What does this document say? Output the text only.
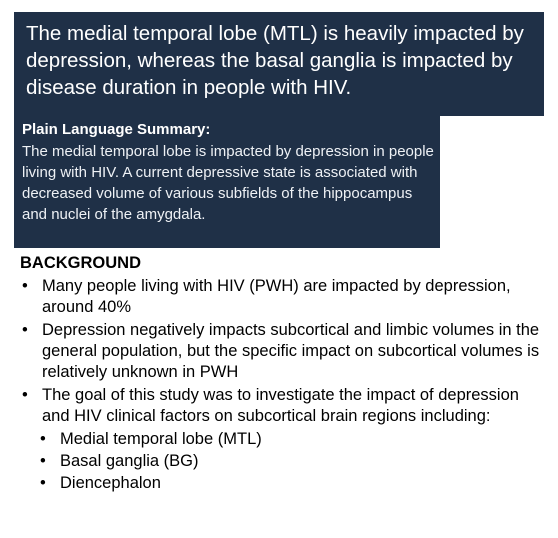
The medial temporal lobe (MTL) is heavily impacted by depression, whereas the basal ganglia is impacted by disease duration in people with HIV.
Plain Language Summary:
The medial temporal lobe is impacted by depression in people living with HIV. A current depressive state is associated with decreased volume of various subfields of the hippocampus and nuclei of the amygdala.
BACKGROUND
• Many people living with HIV (PWH) are impacted by depression, around 40%
• Depression negatively impacts subcortical and limbic volumes in the general population, but the specific impact on subcortical volumes is relatively unknown in PWH
• The goal of this study was to investigate the impact of depression and HIV clinical factors on subcortical brain regions including:
• Medial temporal lobe (MTL)
• Basal ganglia (BG)
• Diencephalon
